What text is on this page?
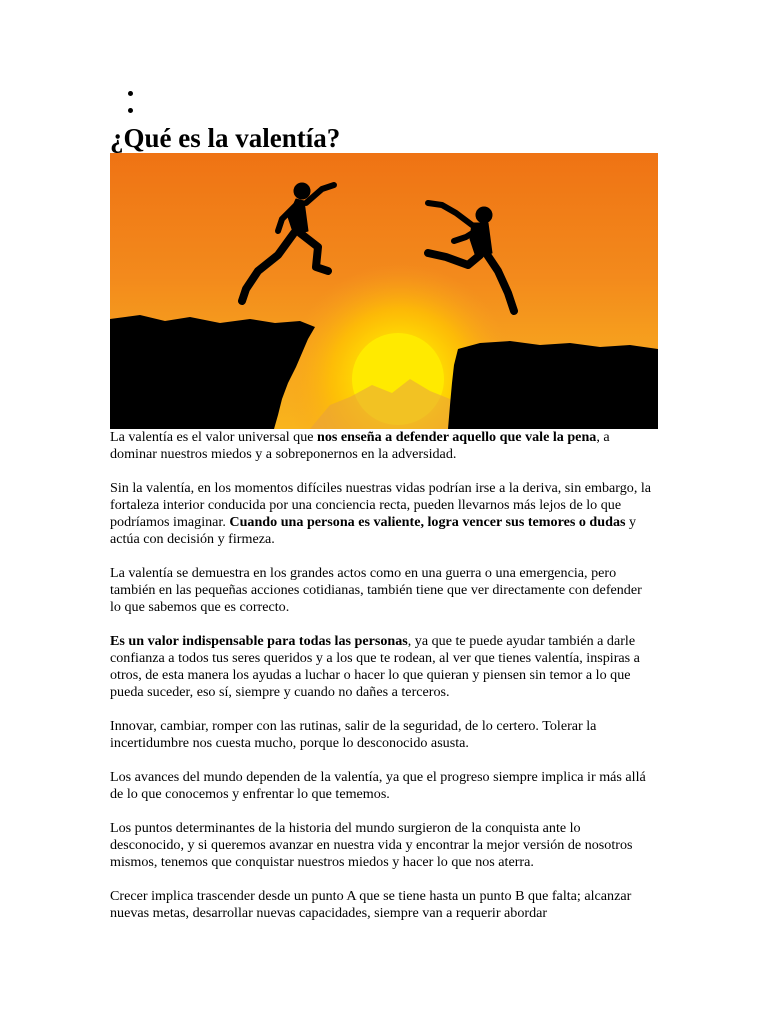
¿Qué es la valentía?

La valentía es el valor universal que nos enseña a defender aquello que vale la pena, a dominar nuestros miedos y a sobreponernos en la adversidad.

Sin la valentía, en los momentos difíciles nuestras vidas podrían irse a la deriva, sin embargo, la fortaleza interior conducida por una conciencia recta, pueden llevarnos más lejos de lo que podríamos imaginar. Cuando una persona es valiente, logra vencer sus temores o dudas y actúa con decisión y firmeza.

La valentía se demuestra en los grandes actos como en una guerra o una emergencia, pero también en las pequeñas acciones cotidianas, también tiene que ver directamente con defender lo que sabemos que es correcto.

Es un valor indispensable para todas las personas, ya que te puede ayudar también a darle confianza a todos tus seres queridos y a los que te rodean, al ver que tienes valentía, inspiras a otros, de esta manera los ayudas a luchar o hacer lo que quieran y piensen sin temor a lo que pueda suceder, eso sí, siempre y cuando no dañes a terceros.

Innovar, cambiar, romper con las rutinas, salir de la seguridad, de lo certero. Tolerar la incertidumbre nos cuesta mucho, porque lo desconocido asusta.

Los avances del mundo dependen de la valentía, ya que el progreso siempre implica ir más allá de lo que conocemos y enfrentar lo que tememos.

Los puntos determinantes de la historia del mundo surgieron de la conquista ante lo desconocido, y si queremos avanzar en nuestra vida y encontrar la mejor versión de nosotros mismos, tenemos que conquistar nuestros miedos y hacer lo que nos aterra.

Crecer implica trascender desde un punto A que se tiene hasta un punto B que falta; alcanzar nuevas metas, desarrollar nuevas capacidades, siempre van a requerir abordar
